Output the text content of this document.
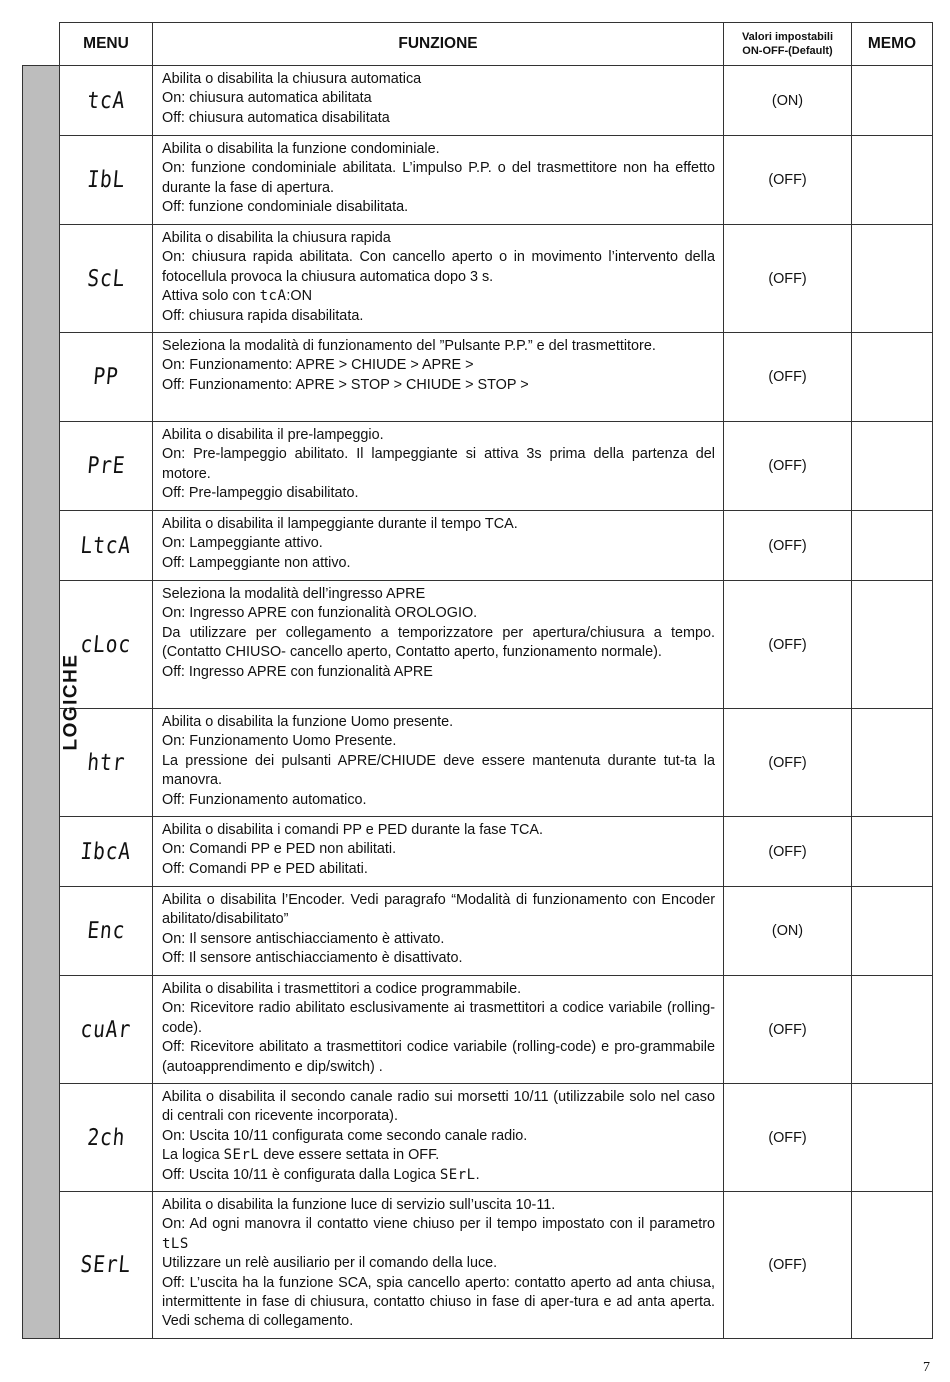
	MENU	FUNZIONE	Valori impostabili
ON-OFF-(Default)	MEMO
LOGICHE	tcA	Abilita o disabilita la chiusura automatica

On: chiusura automatica abilitata

Off: chiusura automatica disabilitata	(ON)	
	IbL	Abilita o disabilita la funzione condominiale.

On: funzione condominiale abilitata. L’impulso P.P. o del trasmettitore non ha effetto durante la fase di apertura.

Off: funzione condominiale disabilitata.	(OFF)	
	ScL	Abilita o disabilita la chiusura rapida

On: chiusura rapida abilitata. Con cancello aperto o in movimento l’intervento della fotocellula provoca la chiusura automatica dopo 3 s.

Attiva solo con tcA:ON

Off: chiusura rapida disabilitata.	(OFF)	
	PP	Seleziona la modalità di funzionamento del ”Pulsante P.P.” e del trasmettitore.

On: Funzionamento: APRE > CHIUDE > APRE >

Off: Funzionamento: APRE > STOP > CHIUDE > STOP >	(OFF)	
	PrE	Abilita o disabilita il pre-lampeggio.

On: Pre-lampeggio abilitato. Il lampeggiante si attiva 3s prima della partenza del motore.

Off: Pre-lampeggio disabilitato.	(OFF)	
	LtcA	Abilita o disabilita il lampeggiante durante il tempo TCA.

On: Lampeggiante attivo.

Off: Lampeggiante non attivo.	(OFF)	
	cLoc	Seleziona la modalità dell’ingresso APRE

On: Ingresso APRE con funzionalità OROLOGIO.

Da utilizzare per collegamento a temporizzatore per apertura/chiusura a tempo. (Contatto CHIUSO- cancello aperto, Contatto aperto, funzionamento normale).

Off: Ingresso APRE con funzionalità APRE	(OFF)	
	htr	Abilita o disabilita la funzione Uomo presente.

On: Funzionamento Uomo Presente.

La pressione dei pulsanti APRE/CHIUDE deve essere mantenuta durante tut-ta la manovra.

Off: Funzionamento automatico.	(OFF)	
	IbcA	Abilita o disabilita i comandi PP e PED durante la fase TCA.

On: Comandi PP e PED non abilitati.

Off: Comandi PP e PED abilitati.	(OFF)	
	Enc	Abilita o disabilita l’Encoder. Vedi paragrafo “Modalità di funzionamento con Encoder abilitato/disabilitato”

On: Il sensore antischiacciamento è attivato.

Off: Il sensore antischiacciamento è disattivato.	(ON)	
	cuAr	Abilita o disabilita i trasmettitori a codice programmabile.

On: Ricevitore radio abilitato esclusivamente ai trasmettitori a codice variabile (rolling-code).

Off: Ricevitore abilitato a trasmettitori codice variabile (rolling-code) e pro-grammabile (autoapprendimento e dip/switch) .	(OFF)	
	2ch	Abilita o disabilita il secondo canale radio sui morsetti 10/11 (utilizzabile solo nel caso di centrali con ricevente incorporata).

On: Uscita 10/11 configurata come secondo canale radio.

La logica SErL deve essere settata in OFF.

Off: Uscita 10/11 è configurata dalla Logica SErL.	(OFF)	
	SErL	Abilita o disabilita la funzione luce di servizio sull’uscita 10-11.

On: Ad ogni manovra il contatto viene chiuso per il tempo impostato con il parametro tLS

Utilizzare un relè ausiliario per il comando della luce.

Off: L’uscita ha la funzione SCA, spia cancello aperto: contatto aperto ad anta chiusa, intermittente in fase di chiusura, contatto chiuso in fase di aper-tura e ad anta aperta. Vedi schema di collegamento.	(OFF)	
7
